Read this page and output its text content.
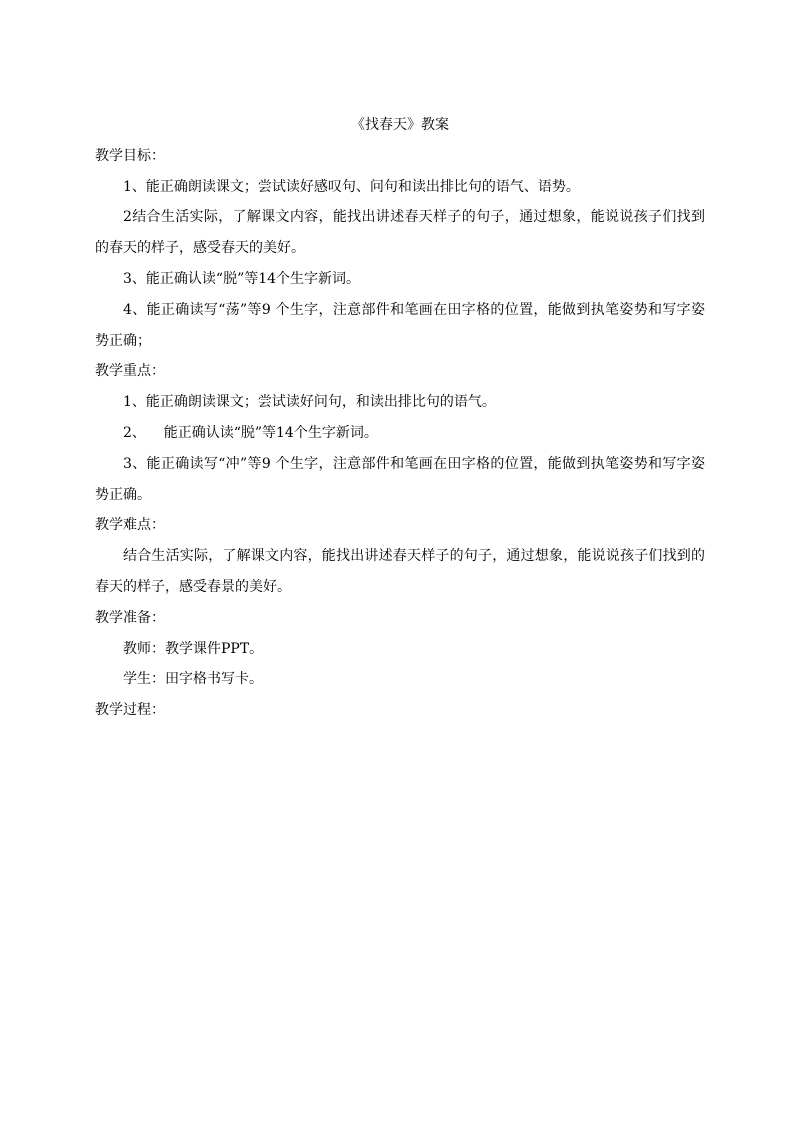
《找春天》教案

教学目标：

1、能正确朗读课文；尝试读好感叹句、问句和读出排比句的语气、语势。

2结合生活实际，了解课文内容，能找出讲述春天样子的句子，通过想象，能说说孩子们找到的春天的样子，感受春天的美好。

3、能正确认读“脱”等14个生字新词。

4、能正确读写“荡”等9 个生字，注意部件和笔画在田字格的位置，能做到执笔姿势和写字姿势正确；

教学重点：

1、能正确朗读课文；尝试读好问句，和读出排比句的语气。

2、    能正确认读“脱”等14个生字新词。

3、能正确读写“冲”等9 个生字，注意部件和笔画在田字格的位置，能做到执笔姿势和写字姿势正确。

教学难点：

结合生活实际，了解课文内容，能找出讲述春天样子的句子，通过想象，能说说孩子们找到的春天的样子，感受春景的美好。

教学准备：

教师：教学课件PPT。

学生：田字格书写卡。

教学过程：
